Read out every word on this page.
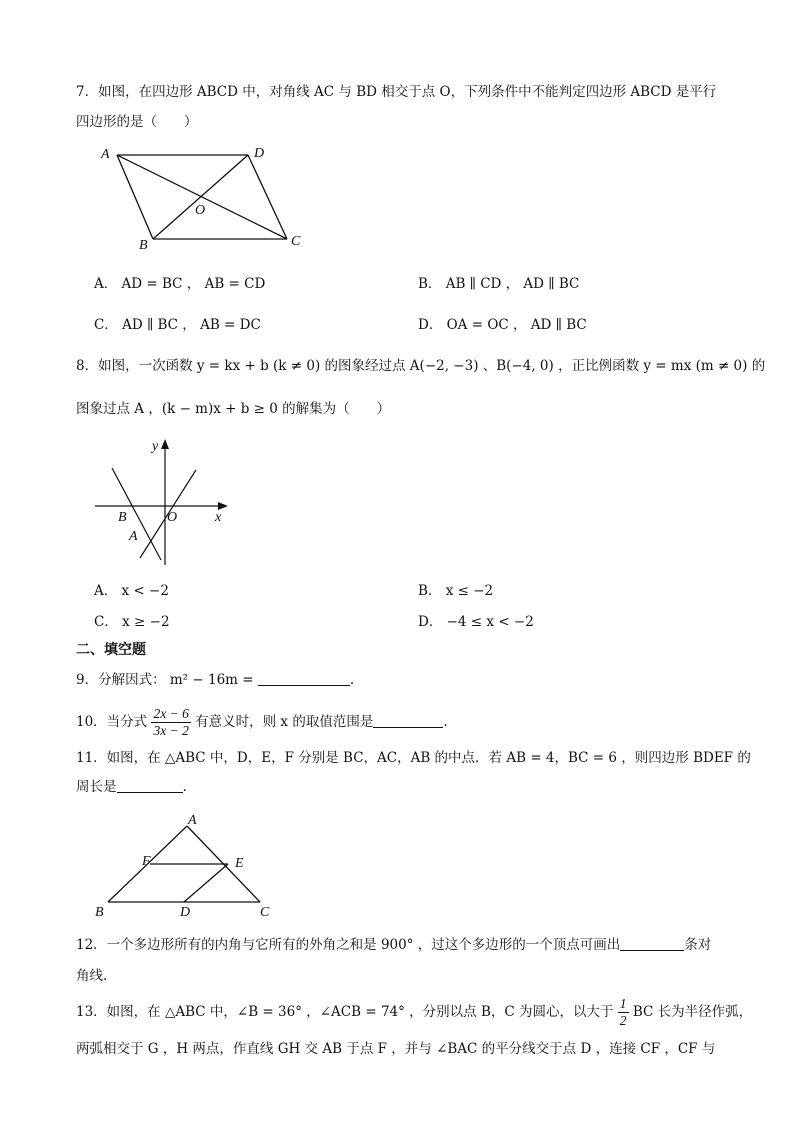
7．如图，在四边形 ABCD 中，对角线 AC 与 BD 相交于点 O，下列条件中不能判定四边形 ABCD 是平行
四边形的是（　　）
A	D
O
B	C
A． AD = BC ， AB = CD	B． AB ∥ CD ， AD ∥ BC
C． AD ∥ BC ， AB = DC	D． OA = OC ， AD ∥ BC
8．如图，一次函数 y = kx + b (k ≠ 0) 的图象经过点 A(−2, −3) 、B(−4, 0) ，正比例函数 y = mx (m ≠ 0) 的
图象过点 A ，(k − m)x + b ≥ 0 的解集为（　　）
y
x
O
B
A
A． x < −2	B． x ≤ −2
C． x ≥ −2	D． −4 ≤ x < −2
二、填空题
9．分解因式： m² − 16m =	.
10．当分式 $\frac{2x - 6}{3x - 2}$ 有意义时，则 x 的取值范围是	.
11．如图，在 △ABC 中，D，E，F 分别是 BC，AC，AB 的中点．若 AB = 4，BC = 6 ，则四边形 BDEF 的
周长是	.
A
F	E
B	D	C
12．一个多边形所有的内角与它所有的外角之和是 900° ，过这个多边形的一个顶点可画出	条对
角线.
13．如图，在 △ABC 中，∠B = 36° ，∠ACB = 74° ，分别以点 B，C 为圆心，以大于 $\frac{1}{2}$ BC 长为半径作弧，
两弧相交于 G ，H 两点，作直线 GH 交 AB 于点 F ，并与 ∠BAC 的平分线交于点 D ，连接 CF ，CF 与
